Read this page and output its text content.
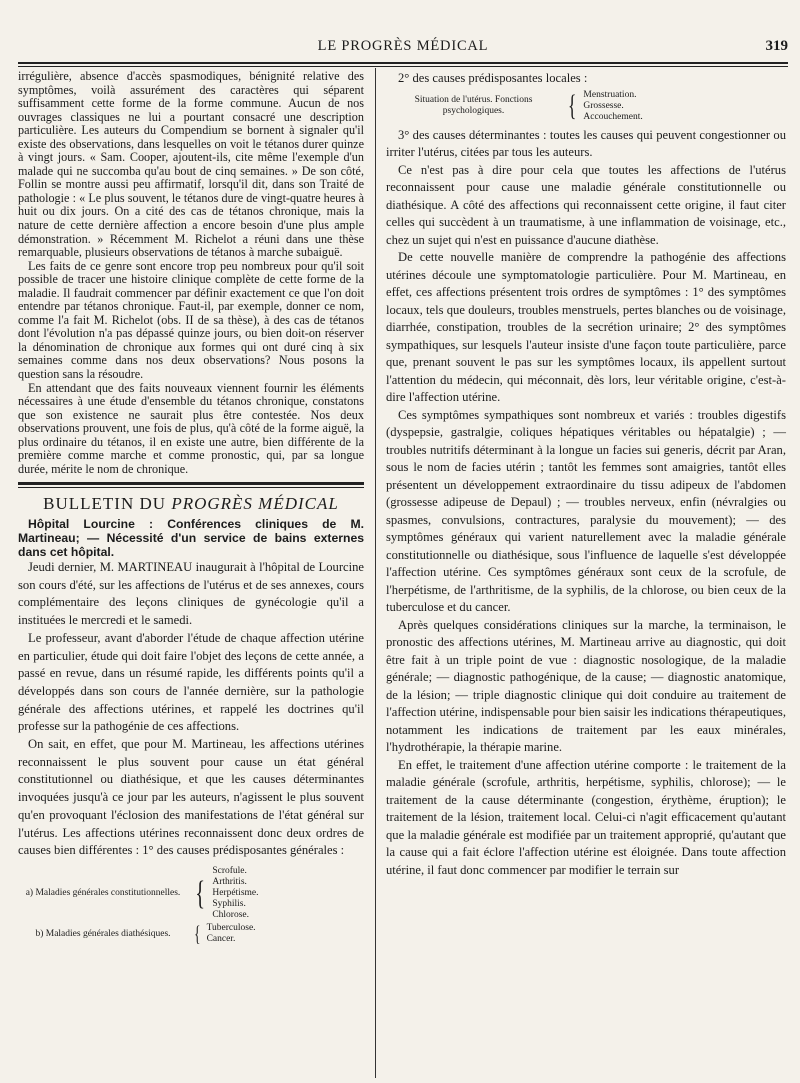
LE PROGRÈS MÉDICAL	319

irrégulière, absence d'accès spasmodiques, bénignité relative des symptômes, voilà assurément des caractères qui séparent suffisamment cette forme de la forme commune. Aucun de nos ouvrages classiques ne lui a pourtant consacré une description particulière. Les auteurs du Compendium se bornent à signaler qu'il existe des observations, dans lesquelles on voit le tétanos durer quinze à vingt jours. « Sam. Cooper, ajoutent-ils, cite même l'exemple d'un malade qui ne succomba qu'au bout de cinq semaines. » De son côté, Follin se montre aussi peu affirmatif, lorsqu'il dit, dans son Traité de pathologie : « Le plus souvent, le tétanos dure de vingt-quatre heures à huit ou dix jours. On a cité des cas de tétanos chronique, mais la nature de cette dernière affection a encore besoin d'une plus ample démonstration. » Récemment M. Richelot a réuni dans une thèse remarquable, plusieurs observations de tétanos à marche subaiguë.

Les faits de ce genre sont encore trop peu nombreux pour qu'il soit possible de tracer une histoire clinique complète de cette forme de la maladie. Il faudrait commencer par définir exactement ce que l'on doit entendre par tétanos chronique. Faut-il, par exemple, donner ce nom, comme l'a fait M. Richelot (obs. II de sa thèse), à des cas de tétanos dont l'évolution n'a pas dépassé quinze jours, ou bien doit-on réserver la dénomination de chronique aux formes qui ont duré cinq à six semaines comme dans nos deux observations? Nous posons la question sans la résoudre.

En attendant que des faits nouveaux viennent fournir les éléments nécessaires à une étude d'ensemble du tétanos chronique, constatons que son existence ne saurait plus être contestée. Nos deux observations prouvent, une fois de plus, qu'à côté de la forme aiguë, la plus ordinaire du tétanos, il en existe une autre, bien différente de la première comme marche et comme pronostic, qui, par sa longue durée, mérite le nom de chronique.

BULLETIN DU PROGRÈS MÉDICAL

Hôpital Lourcine : Conférences cliniques de M. Martineau; — Nécessité d'un service de bains externes dans cet hôpital.

Jeudi dernier, M. MARTINEAU inaugurait à l'hôpital de Lourcine son cours d'été, sur les affections de l'utérus et de ses annexes, cours complémentaire des leçons cliniques de gynécologie qu'il a instituées le mercredi et le samedi.

Le professeur, avant d'aborder l'étude de chaque affection utérine en particulier, étude qui doit faire l'objet des leçons de cette année, a passé en revue, dans un résumé rapide, les différents points qu'il a développés dans son cours de l'année dernière, sur la pathologie générale des affections utérines, et rappelé les doctrines qu'il professe sur la pathogénie de ces affections.

On sait, en effet, que pour M. Martineau, les affections utérines reconnaissent le plus souvent pour cause un état général constitutionnel ou diathésique, et que les causes déterminantes invoquées jusqu'à ce jour par les auteurs, n'agissent le plus souvent qu'en provoquant l'éclosion des manifestations de l'état général sur l'utérus. Les affections utérines reconnaissent donc deux ordres de causes bien différentes : 1° des causes prédisposantes générales :

a) Maladies générales constitutionnelles. {
Scrofule.
Arthritis.
Herpétisme.
Syphilis.
Chlorose.
b) Maladies générales diathésiques.	{ Tuberculose.
Cancer.

2° des causes prédisposantes locales :

Situation de l'utérus. Fonctions psychologiques.	{ Menstruation.
Grossesse.
Accouchement.

3° des causes déterminantes : toutes les causes qui peuvent congestionner ou irriter l'utérus, citées par tous les auteurs.

Ce n'est pas à dire pour cela que toutes les affections de l'utérus reconnaissent pour cause une maladie générale constitutionnelle ou diathésique. A côté des affections qui reconnaissent cette origine, il faut citer celles qui succèdent à un traumatisme, à une inflammation de voisinage, etc., chez un sujet qui n'est en puissance d'aucune diathèse.

De cette nouvelle manière de comprendre la pathogénie des affections utérines découle une symptomatologie particulière. Pour M. Martineau, en effet, ces affections présentent trois ordres de symptômes : 1° des symptômes locaux, tels que douleurs, troubles menstruels, pertes blanches ou de voisinage, diarrhée, constipation, troubles de la secrétion urinaire; 2° des symptômes sympathiques, sur lesquels l'auteur insiste d'une façon toute particulière, parce que, prenant souvent le pas sur les symptômes locaux, ils appellent surtout l'attention du médecin, qui méconnait, dès lors, leur véritable origine, c'est-à-dire l'affection utérine.

Ces symptômes sympathiques sont nombreux et variés : troubles digestifs (dyspepsie, gastralgie, coliques hépatiques véritables ou hépatalgie) ; — troubles nutritifs déterminant à la longue un facies sui generis, décrit par Aran, sous le nom de facies utérin ; tantôt les femmes sont amaigries, tantôt elles présentent un développement extraordinaire du tissu adipeux de l'abdomen (grossesse adipeuse de Depaul) ; — troubles nerveux, enfin (névralgies ou spasmes, convulsions, contractures, paralysie du mouvement); — des symptômes généraux qui varient naturellement avec la maladie générale constitutionnelle ou diathésique, sous l'influence de laquelle s'est développée l'affection utérine. Ces symptômes généraux sont ceux de la scrofule, de l'herpétisme, de l'arthritisme, de la syphilis, de la chlorose, ou bien ceux de la tuberculose et du cancer.

Après quelques considérations cliniques sur la marche, la terminaison, le pronostic des affections utérines, M. Martineau arrive au diagnostic, qui doit être fait à un triple point de vue : diagnostic nosologique, de la maladie générale; — diagnostic pathogénique, de la cause; — diagnostic anatomique, de la lésion; — triple diagnostic clinique qui doit conduire au traitement de l'affection utérine, indispensable pour bien saisir les indications thérapeutiques, notamment les indications de traitement par les eaux minérales, l'hydrothérapie, la thérapie marine.

En effet, le traitement d'une affection utérine comporte : le traitement de la maladie générale (scrofule, arthritis, herpétisme, syphilis, chlorose); — le traitement de la cause déterminante (congestion, érythème, éruption); le traitement de la lésion, traitement local. Celui-ci n'agit efficacement qu'autant que la maladie générale est modifiée par un traitement approprié, qu'autant que la cause qui a fait éclore l'affection utérine est éloignée. Dans toute affection utérine, il faut donc commencer par modifier le terrain sur
